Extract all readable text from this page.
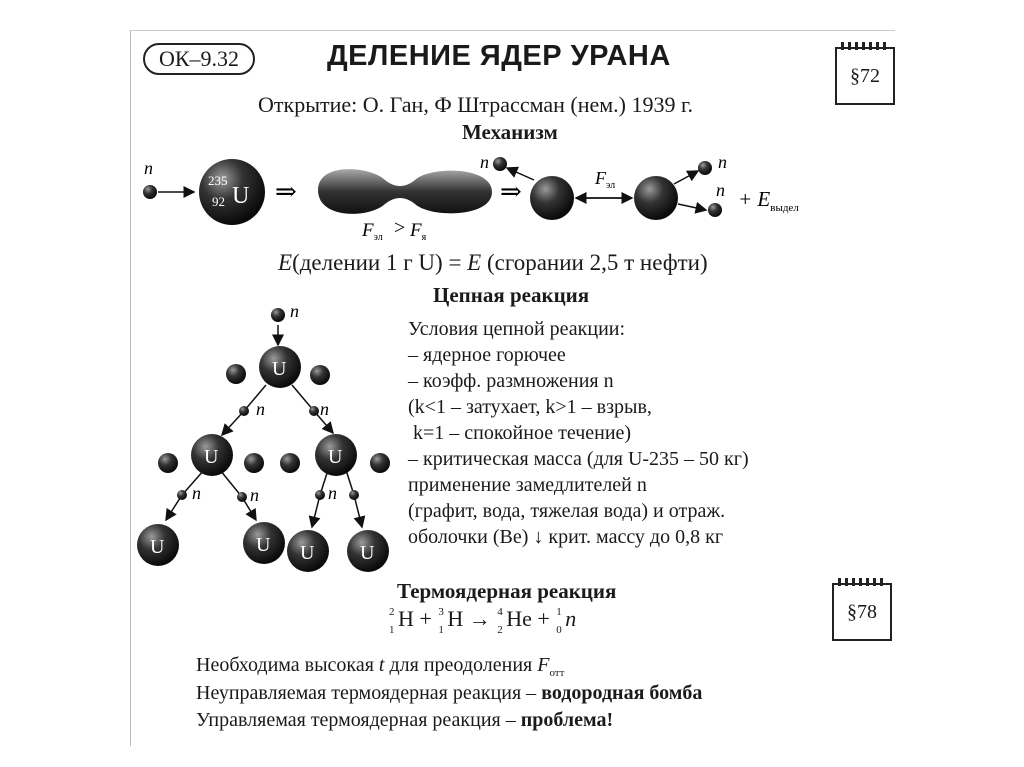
ОК–9.32	ДЕЛЕНИЕ ЯДЕР УРАНА
§72
Открытие: О. Ган, Ф Штрассман (нем.) 1939 г.
Механизм
n
235
92 U ⇒
$F_{эл} > F_я$
⇒	$F_{эл}$
n	n
$n + E_{выдел}$
E(делении 1 г U) = E (сгорании 2,5 т нефти)
Цепная реакция
n
U
n	n
U	U
n	n	n
U	U U U
Условия цепной реакции:
– ядерное горючее
– коэфф. размножения n
(k<1 – затухает, k>1 – взрыв,
k=1 – спокойное течение)
– критическая масса (для U-235 – 50 кг)
применение замедлителей n
(графит, вода, тяжелая вода) и отраж.
оболочки (Ве) ↓ крит. массу до 0,8 кг
Термоядерная реакция
§78
2
1 H + 3
1 H → 4
2 He + 1
0 n
Необходима высокая t для преодоления $F_{отт}$
Неуправляемая термоядерная реакция – водородная бомба
Управляемая термоядерная реакция – проблема!
